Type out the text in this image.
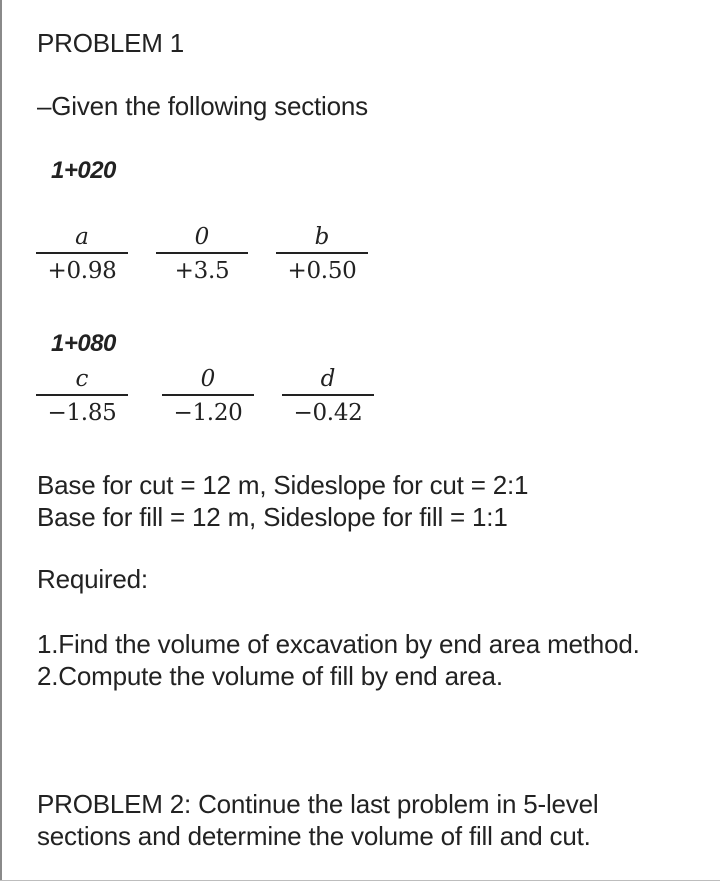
PROBLEM 1
–Given the following sections
1+020
a
+0.98
0
+3.5
b
+0.50
1+080
c
−1.85
0
−1.20
d
−0.42
Base for cut = 12 m, Sideslope for cut = 2:1
Base for fill = 12 m, Sideslope for fill = 1:1
Required:
1.Find the volume of excavation by end area method.
2.Compute the volume of fill by end area.
PROBLEM 2: Continue the last problem in 5-level
sections and determine the volume of fill and cut.
